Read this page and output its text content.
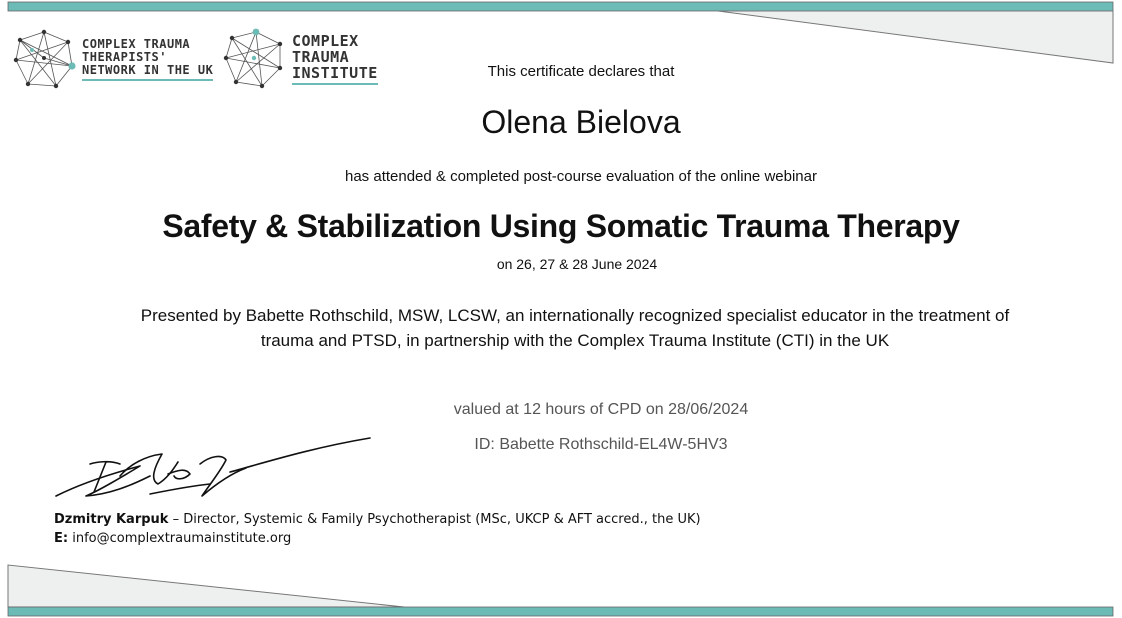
COMPLEX TRAUMA
THERAPISTS'
NETWORK IN THE UK
COMPLEX
TRAUMA
INSTITUTE	This certificate declares that
Olena Bielova
has attended & completed post-course evaluation of the online webinar
Safety & Stabilization Using Somatic Trauma Therapy
on 26, 27 & 28 June 2024
Presented by Babette Rothschild, MSW, LCSW, an internationally recognized specialist educator in the treatment of
trauma and PTSD, in partnership with the Complex Trauma Institute (CTI) in the UK
valued at 12 hours of CPD on 28/06/2024
ID: Babette Rothschild-EL4W-5HV3
Dzmitry Karpuk – Director, Systemic & Family Psychotherapist (MSc, UKCP & AFT accred., the UK)
E: info@complextraumainstitute.org
